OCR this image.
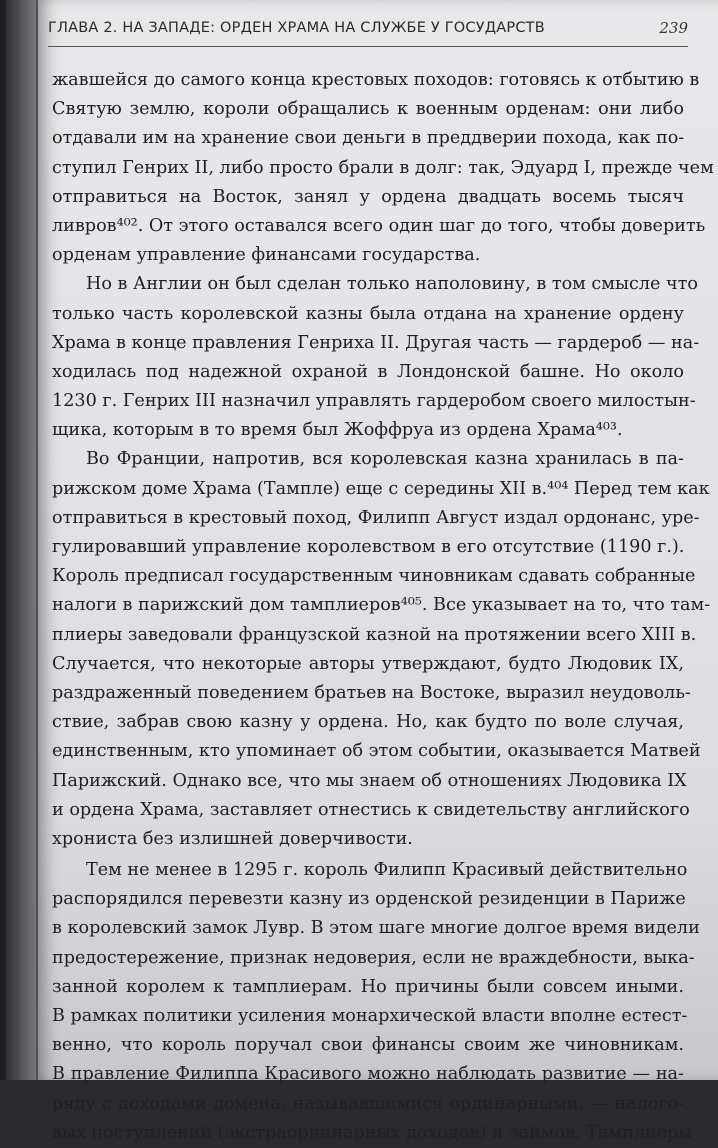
ГЛАВА 2. НА ЗАПАДЕ: ОРДЕН ХРАМА НА СЛУЖБЕ У ГОСУДАРСТВ	239
жавшейся до самого конца крестовых походов: готовясь к отбытию в
Святую землю, короли обращались к военным орденам: они либо
отдавали им на хранение свои деньги в преддверии похода, как по-
ступил Генрих II, либо просто брали в долг: так, Эдуард I, прежде чем
отправиться на Восток, занял у ордена двадцать восемь тысяч
ливров⁴⁰². От этого оставался всего один шаг до того, чтобы доверить
орденам управление финансами государства.
Но в Англии он был сделан только наполовину, в том смысле что
только часть королевской казны была отдана на хранение ордену
Храма в конце правления Генриха II. Другая часть — гардероб — на-
ходилась под надежной охраной в Лондонской башне. Но около
1230 г. Генрих III назначил управлять гардеробом своего милостын-
щика, которым в то время был Жоффруа из ордена Храма⁴⁰³.
Во Франции, напротив, вся королевская казна хранилась в па-
рижском доме Храма (Тампле) еще с середины XII в.⁴⁰⁴ Перед тем как
отправиться в крестовый поход, Филипп Август издал ордонанс, уре-
гулировавший управление королевством в его отсутствие (1190 г.).
Король предписал государственным чиновникам сдавать собранные
налоги в парижский дом тамплиеров⁴⁰⁵. Все указывает на то, что там-
плиеры заведовали французской казной на протяжении всего XIII в.
Случается, что некоторые авторы утверждают, будто Людовик IX,
раздраженный поведением братьев на Востоке, выразил неудоволь-
ствие, забрав свою казну у ордена. Но, как будто по воле случая,
единственным, кто упоминает об этом событии, оказывается Матвей
Парижский. Однако все, что мы знаем об отношениях Людовика IX
и ордена Храма, заставляет отнестись к свидетельству английского
хрониста без излишней доверчивости.
Тем не менее в 1295 г. король Филипп Красивый действительно
распорядился перевезти казну из орденской резиденции в Париже
в королевский замок Лувр. В этом шаге многие долгое время видели
предостережение, признак недоверия, если не враждебности, выка-
занной королем к тамплиерам. Но причины были совсем иными.
В рамках политики усиления монархической власти вполне естест-
венно, что король поручал свои финансы своим же чиновникам.
В правление Филиппа Красивого можно наблюдать развитие — на-
ряду с доходами домена, называвшимися ординарными, — налого-
вых поступлений (экстраординарных доходов) и займов. Тамплиеры
